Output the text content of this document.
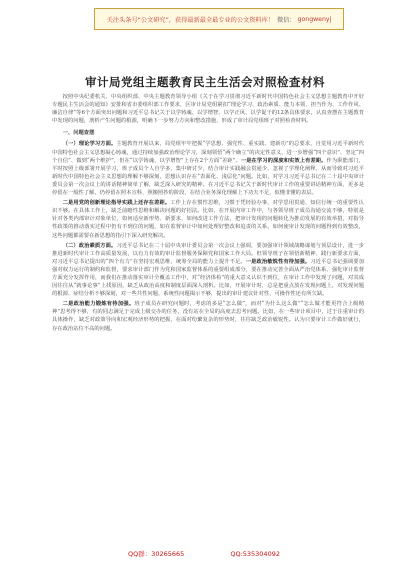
关注头条号“公文研究”，获得最新最全最专业的公文资料库！ 微信： gongwenyj
审计局党组主题教育民主生活会对照检查材料

按照中央纪委机关、中央组织部、中央主题教育领导小组《关于在学习贯彻习近平新时代中国特色社会主义思想主题教育中开好专题民主生活会的通知》安排和省市委组织部工作要求，区审计局党组紧扣“理论学习、政治素质、能力本领、担当作为、工作作风、廉洁自律”等6个方面突出问题和习近平总书记关于以学铸魂、以学增智、以学正风、以学促干的12条具体要求，认真查摆在主题教育中发现的问题，剖析产生问题的根源，明确下一步努力方向和整改措施，形成了审计局党组班子对照检查材料。

一、问题查摆

（一）理论学习方面。主题教育开展以来，局党组牢牢把握“学思想、强党性、重实践、建新功”的总要求，自觉用习近平新时代中国特色社会主义思想凝心铸魂，通过持续加强政治理论学习，深刻领悟“两个确立”的决定性意义，进一步增强“四个意识”、坚定“四个自信”、做到“两个维护”，但在“以学铸魂、以学增智”上存在2个方面“差距”。一是在学习的深度和实效上有差距。作为职能部门，平时按照上级部署开展学习，班子成员个人自学多，集中研讨少，结合审计实践融会贯通少，忽视了学理化阐释，从而导致对习近平新时代中国特色社会主义思想的理解不够深刻，思想认识存在“表面化、浅层化”问题。比如，对学习习近平总书记在二十届中央审计委员会第一次会议上的讲话精神简单了解，缺乏深入研究的精神。在习近平总书记关于新时代审计工作的重要讲话精神方面，更多是停留在一般性了解，仍停留在照本宣科、照搬照抄的阶段，在结合业务深化理解上下功夫不足，似懂非懂的表层。

二是用党的创新理论指导实践上还存在差距。工作上存在惯性思维，习惯于凭经验办事，对学思用贯通、知信行统一的重要性认识不够。在具体工作上，缺乏前瞻性思维和解决问题的好招法。比如，在开展内审工作中，与各领导班子成员沟通交流不够，特别是针对各类内部审计对象单位，如何适应新形势、新要求，如何改进工作方法，把审计发现的问题转化为推动发展的有效举措，对指导性政策的推动落实过程中仍有不到位的问题，如在监督审计中如何处理好整改和追责的关系，如何使审计发现的问题得到有效整改，这些问题都需要在新思想的指引下深入研究解决。

（二）政治素质方面。习近平总书记在二十届中央审计委员会第一次会议上强调，要加强审计领域战略谋划与顶层设计，进一步推进新时代审计工作高质量发展，以有力有效的审计监督服务保障党和国家工作大局。但领导班子在领悟新精神、践行新要求方面，对习近平总书记提出的“四个有力”在坚持宏观思维、统筹全局的能力上提升不足。一是政治敏锐性有待加强。习近平总书记强调要加强对权力运行的制约和监督，要求审计部门作为党和国家监督体系的重要组成部分，要在推动完善全面从严治党体系、强化审计监督方面充分发挥作用，而我们在推动落实审计全覆盖工作中，对“经济体检”的重大意义认识不到位，在审计工作中发现了问题，对其成因往往从“就事论事”上找原因，缺乏从政治高度和制度层面深入剖析。比如，开展审计时，总是把重点放在发现问题上，对发现问题的根源、症结分析不够深刻，对一些共性问题、系统性问题揭示不够，提出的审计建议针对性、可操作性还有所欠缺。

二是政治能力锻炼有待加强。班子成员在研究问题时，考虑的多是“怎么做”，而对“为什么这么做”“怎么做才能更符合上级精神”思考得不够，有的同志满足于完成上级交办的任务，没有站在全局的高度去思考问题。比如，在一些审计项目中，过于注重审计的具体操作，缺乏对政策导向和宏观经济形势的把握，在面对纷繁复杂的形势时，往往缺乏政治敏锐性。认为只要审计工作做好就行，存在政治站位不高的问题。

QQ群：30265665	QQ:535304092
